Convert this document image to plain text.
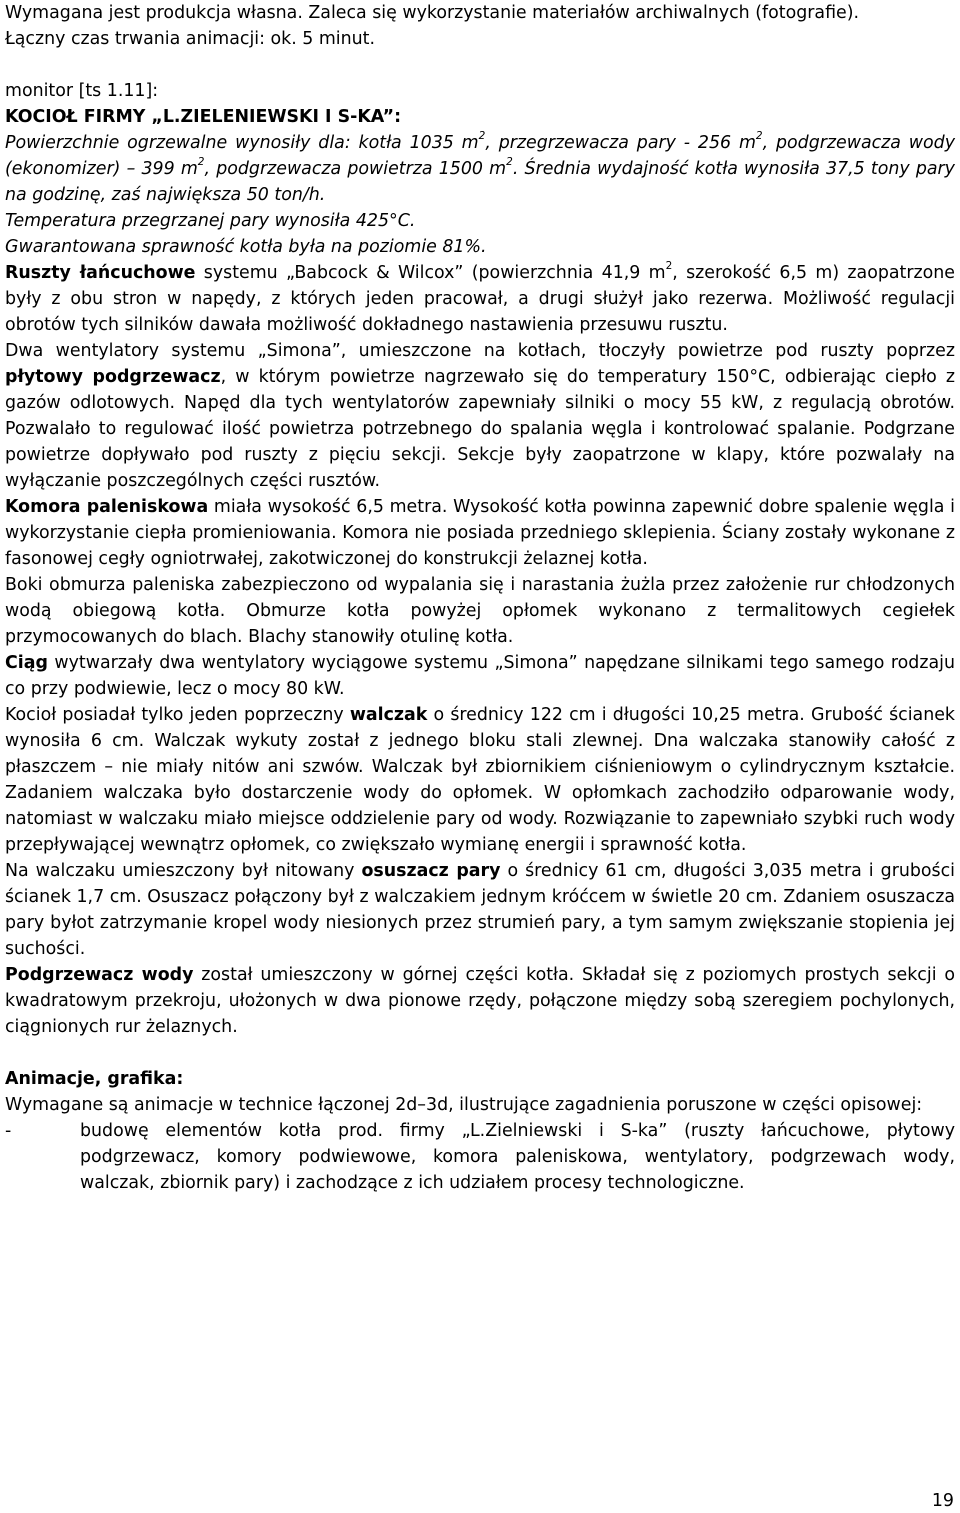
Wymagana jest produkcja własna. Zaleca się wykorzystanie materiałów archiwalnych (fotografie).
Łączny czas trwania animacji: ok. 5 minut.

monitor [ts 1.11]:

KOCIOŁ FIRMY „L.ZIELENIEWSKI I S-KA”:

Powierzchnie ogrzewalne wynosiły dla: kotła 1035 $m^2$, przegrzewacza pary - 256 $m^2$, podgrzewacza wody (ekonomizer) – 399 $m^2$, podgrzewacza powietrza 1500 $m^2$. Średnia wydajność kotła wynosiła 37,5 tony pary na godzinę, zaś największa 50 ton/h.

Temperatura przegrzanej pary wynosiła 425°C.

Gwarantowana sprawność kotła była na poziomie 81%.

Ruszty łańcuchowe systemu „Babcock & Wilcox” (powierzchnia 41,9 $m^2$, szerokość 6,5 m) zaopatrzone były z obu stron w napędy, z których jeden pracował, a drugi służył jako rezerwa. Możliwość regulacji obrotów tych silników dawała możliwość dokładnego nastawienia przesuwu rusztu.

Dwa wentylatory systemu „Simona”, umieszczone na kotłach, tłoczyły powietrze pod ruszty poprzez płytowy podgrzewacz, w którym powietrze nagrzewało się do temperatury 150°C, odbierając ciepło z gazów odlotowych. Napęd dla tych wentylatorów zapewniały silniki o mocy 55 kW, z regulacją obrotów. Pozwalało to regulować ilość powietrza potrzebnego do spalania węgla i kontrolować spalanie. Podgrzane powietrze dopływało pod ruszty z pięciu sekcji. Sekcje były zaopatrzone w klapy, które pozwalały na wyłączanie poszczególnych części rusztów.

Komora paleniskowa miała wysokość 6,5 metra. Wysokość kotła powinna zapewnić dobre spalenie węgla i wykorzystanie ciepła promieniowania. Komora nie posiada przedniego sklepienia. Ściany zostały wykonane z fasonowej cegły ogniotrwałej, zakotwiczonej do konstrukcji żelaznej kotła.

Boki obmurza paleniska zabezpieczono od wypalania się i narastania żużla przez założenie rur chłodzonych wodą obiegową kotła. Obmurze kotła powyżej opłomek wykonano z termalitowych cegiełek przymocowanych do blach. Blachy stanowiły otulinę kotła.

Ciąg wytwarzały dwa wentylatory wyciągowe systemu „Simona” napędzane silnikami tego samego rodzaju co przy podwiewie, lecz o mocy 80 kW.

Kocioł posiadał tylko jeden poprzeczny walczak o średnicy 122 cm i długości 10,25 metra. Grubość ścianek wynosiła 6 cm. Walczak wykuty został z jednego bloku stali zlewnej. Dna walczaka stanowiły całość z płaszczem – nie miały nitów ani szwów. Walczak był zbiornikiem ciśnieniowym o cylindrycznym kształcie. Zadaniem walczaka było dostarczenie wody do opłomek. W opłomkach zachodziło odparowanie wody, natomiast w walczaku miało miejsce oddzielenie pary od wody. Rozwiązanie to zapewniało szybki ruch wody przepływającej wewnątrz opłomek, co zwiększało wymianę energii i sprawność kotła.

Na walczaku umieszczony był nitowany osuszacz pary o średnicy 61 cm, długości 3,035 metra i grubości ścianek 1,7 cm. Osuszacz połączony był z walczakiem jednym króćcem w świetle 20 cm. Zdaniem osuszacza pary byłot zatrzymanie kropel wody niesionych przez strumień pary, a tym samym zwiększanie stopienia jej suchości.

Podgrzewacz wody został umieszczony w górnej części kotła. Składał się z poziomych prostych sekcji o kwadratowym przekroju, ułożonych w dwa pionowe rzędy, połączone między sobą szeregiem pochylonych, ciągnionych rur żelaznych.

Animacje, grafika:

Wymagane są animacje w technice łączonej 2d–3d, ilustrujące zagadnienia poruszone w części opisowej:

-	budowę elementów kotła prod. firmy „L.Zielniewski i S-ka” (ruszty łańcuchowe, płytowy podgrzewacz, komory podwiewowe, komora paleniskowa, wentylatory, podgrzewach wody, walczak, zbiornik pary) i zachodzące z ich udziałem procesy technologiczne.
19
